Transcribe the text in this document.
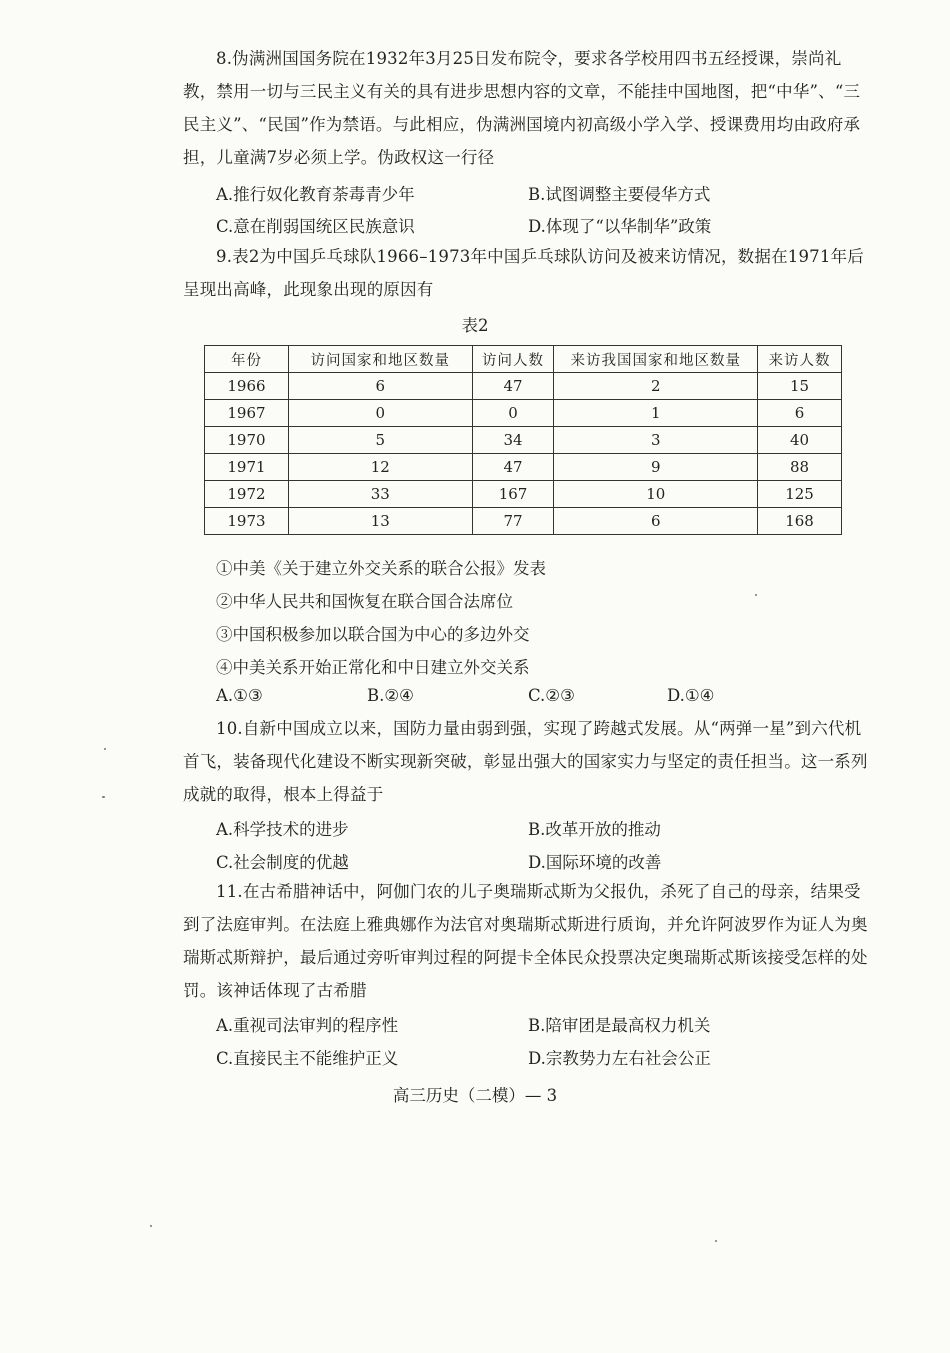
8.伪满洲国国务院在1932年3月25日发布院令，要求各学校用四书五经授课，崇尚礼教，禁用一切与三民主义有关的具有进步思想内容的文章，不能挂中国地图，把“中华”、“三民主义”、“民国”作为禁语。与此相应，伪满洲国境内初高级小学入学、授课费用均由政府承担，儿童满7岁必须上学。伪政权这一行径
A.推行奴化教育荼毒青少年	B.试图调整主要侵华方式
C.意在削弱国统区民族意识	D.体现了“以华制华”政策
9.表2为中国乒乓球队1966–1973年中国乒乓球队访问及被来访情况，数据在1971年后呈现出高峰，此现象出现的原因有
表2
年份	访问国家和地区数量	访问人数	来访我国国家和地区数量	来访人数
1966	6	47	2	15
1967	0	0	1	6
1970	5	34	3	40
1971	12	47	9	88
1972	33	167	10	125
1973	13	77	6	168
①中美《关于建立外交关系的联合公报》发表
②中华人民共和国恢复在联合国合法席位
③中国积极参加以联合国为中心的多边外交
④中美关系开始正常化和中日建立外交关系
A.①③	B.②④	C.②③	D.①④
10.自新中国成立以来，国防力量由弱到强，实现了跨越式发展。从“两弹一星”到六代机首飞，装备现代化建设不断实现新突破，彰显出强大的国家实力与坚定的责任担当。这一系列成就的取得，根本上得益于
A.科学技术的进步	B.改革开放的推动
C.社会制度的优越	D.国际环境的改善
11.在古希腊神话中，阿伽门农的儿子奥瑞斯忒斯为父报仇，杀死了自己的母亲，结果受到了法庭审判。在法庭上雅典娜作为法官对奥瑞斯忒斯进行质询，并允许阿波罗作为证人为奥瑞斯忒斯辩护，最后通过旁听审判过程的阿提卡全体民众投票决定奥瑞斯忒斯该接受怎样的处罚。该神话体现了古希腊
A.重视司法审判的程序性	B.陪审团是最高权力机关
C.直接民主不能维护正义	D.宗教势力左右社会公正
高三历史（二模）— 3
